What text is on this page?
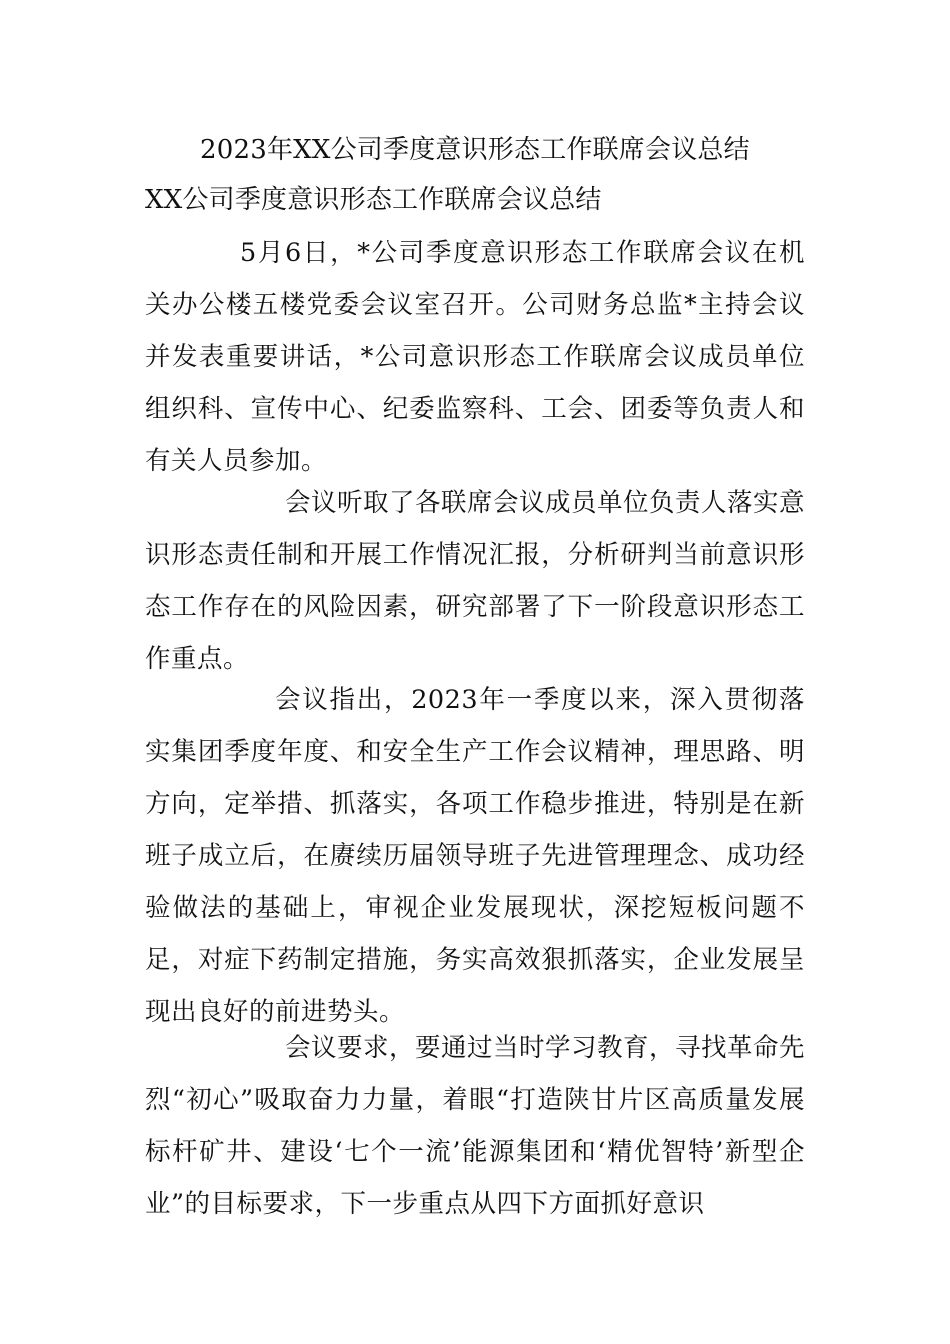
2023年XX公司季度意识形态工作联席会议总结
XX公司季度意识形态工作联席会议总结

5月6日，*公司季度意识形态工作联席会议在机关办公楼五楼党委会议室召开。公司财务总监*主持会议并发表重要讲话，*公司意识形态工作联席会议成员单位组织科、宣传中心、纪委监察科、工会、团委等负责人和有关人员参加。

会议听取了各联席会议成员单位负责人落实意识形态责任制和开展工作情况汇报，分析研判当前意识形态工作存在的风险因素，研究部署了下一阶段意识形态工作重点。

会议指出，2023年一季度以来，深入贯彻落实集团季度年度、和安全生产工作会议精神，理思路、明方向，定举措、抓落实，各项工作稳步推进，特别是在新班子成立后，在赓续历届领导班子先进管理理念、成功经验做法的基础上，审视企业发展现状，深挖短板问题不足，对症下药制定措施，务实高效狠抓落实，企业发展呈现出良好的前进势头。

会议要求，要通过当时学习教育，寻找革命先烈“初心”吸取奋力力量，着眼“打造陕甘片区高质量发展标杆矿井、建设‘七个一流’能源集团和‘精优智特’新型企业”的目标要求，下一步重点从四下方面抓好意识
